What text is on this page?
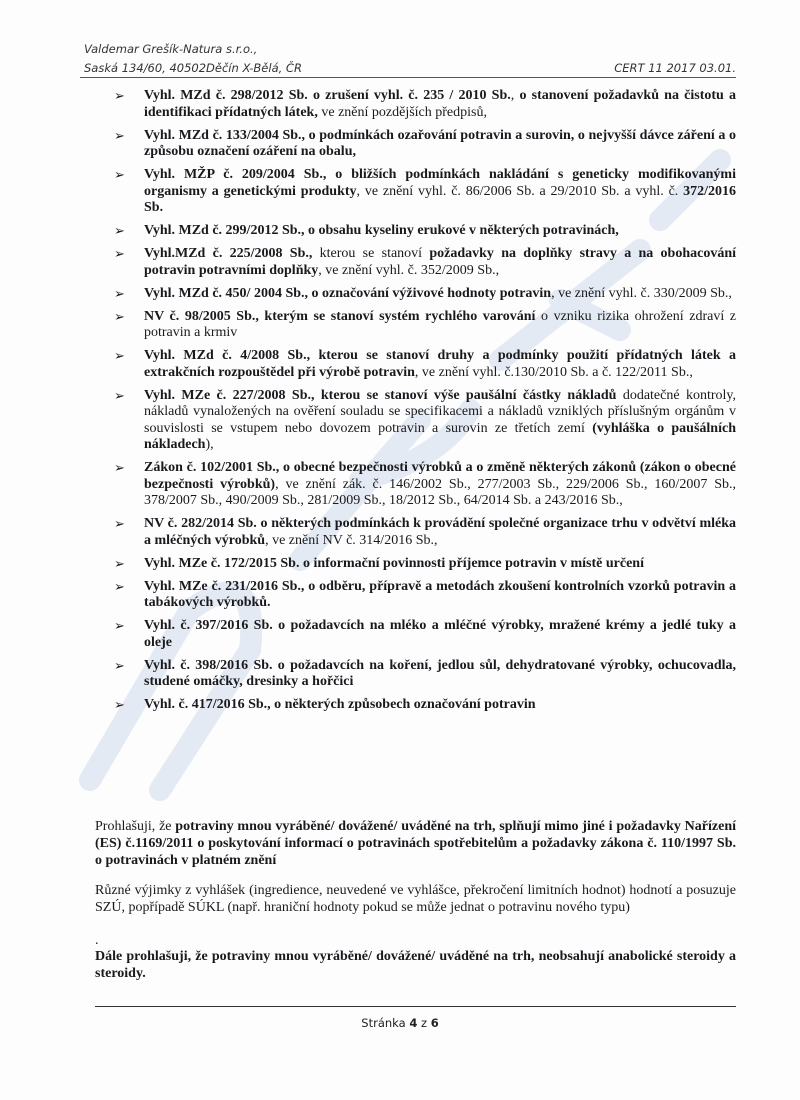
Valdemar Grešík-Natura s.r.o.,
Saská 134/60, 40502Děčín X-Bělá, ČR	CERT 11 2017 03.01.
➢ Vyhl. MZd č. 298/2012 Sb. o zrušení vyhl. č. 235 / 2010 Sb., o stanovení požadavků na čistotu a identifikaci přídatných látek, ve znění pozdějších předpisů,
➢ Vyhl. MZd č. 133/2004 Sb., o podmínkách ozařování potravin a surovin, o nejvyšší dávce záření a o způsobu označení ozáření na obalu,
➢ Vyhl. MŽP č. 209/2004 Sb., o bližších podmínkách nakládání s geneticky modifikovanými organismy a genetickými produkty, ve znění vyhl. č. 86/2006 Sb. a 29/2010 Sb. a vyhl. č. 372/2016 Sb.
➢ Vyhl. MZd č. 299/2012 Sb., o obsahu kyseliny erukové v některých potravinách,
➢ Vyhl.MZd č. 225/2008 Sb., kterou se stanoví požadavky na doplňky stravy a na obohacování potravin potravními doplňky, ve znění vyhl. č. 352/2009 Sb.,
➢ Vyhl. MZd č. 450/ 2004 Sb., o označování výživové hodnoty potravin, ve znění vyhl. č. 330/2009 Sb.,
➢ NV č. 98/2005 Sb., kterým se stanoví systém rychlého varování o vzniku rizika ohrožení zdraví z potravin a krmiv
➢ Vyhl. MZd č. 4/2008 Sb., kterou se stanoví druhy a podmínky použití přídatných látek a extrakčních rozpouštědel při výrobě potravin, ve znění vyhl. č.130/2010 Sb. a č. 122/2011 Sb.,
➢ Vyhl. MZe č. 227/2008 Sb., kterou se stanoví výše paušální částky nákladů dodatečné kontroly, nákladů vynaložených na ověření souladu se specifikacemi a nákladů vzniklých příslušným orgánům v souvislosti se vstupem nebo dovozem potravin a surovin ze třetích zemí (vyhláška o paušálních nákladech),
➢ Zákon č. 102/2001 Sb., o obecné bezpečnosti výrobků a o změně některých zákonů (zákon o obecné bezpečnosti výrobků), ve znění zák. č. 146/2002 Sb., 277/2003 Sb., 229/2006 Sb., 160/2007 Sb., 378/2007 Sb., 490/2009 Sb., 281/2009 Sb., 18/2012 Sb., 64/2014 Sb. a 243/2016 Sb.,
➢ NV č. 282/2014 Sb. o některých podmínkách k provádění společné organizace trhu v odvětví mléka a mléčných výrobků, ve znění NV č. 314/2016 Sb.,
➢ Vyhl. MZe č. 172/2015 Sb. o informační povinnosti příjemce potravin v místě určení
➢ Vyhl. MZe č. 231/2016 Sb., o odběru, přípravě a metodách zkoušení kontrolních vzorků potravin a tabákových výrobků.
➢ Vyhl. č. 397/2016 Sb. o požadavcích na mléko a mléčné výrobky, mražené krémy a jedlé tuky a oleje
➢ Vyhl. č. 398/2016 Sb. o požadavcích na koření, jedlou sůl, dehydratované výrobky, ochucovadla, studené omáčky, dresinky a hořčici
➢ Vyhl. č. 417/2016 Sb., o některých způsobech označování potravin
Prohlašuji, že potraviny mnou vyráběné/ dovážené/ uváděné na trh, splňují mimo jiné i požadavky Nařízení (ES) č.1169/2011 o poskytování informací o potravinách spotřebitelům a požadavky zákona č. 110/1997 Sb. o potravinách v platném znění
Různé výjimky z vyhlášek (ingredience, neuvedené ve vyhlášce, překročení limitních hodnot) hodnotí a posuzuje SZÚ, popřípadě SÚKL (např. hraniční hodnoty pokud se může jednat o potravinu nového typu)
.
Dále prohlašuji, že potraviny mnou vyráběné/ dovážené/ uváděné na trh, neobsahují anabolické steroidy a steroidy.
Stránka 4 z 6
